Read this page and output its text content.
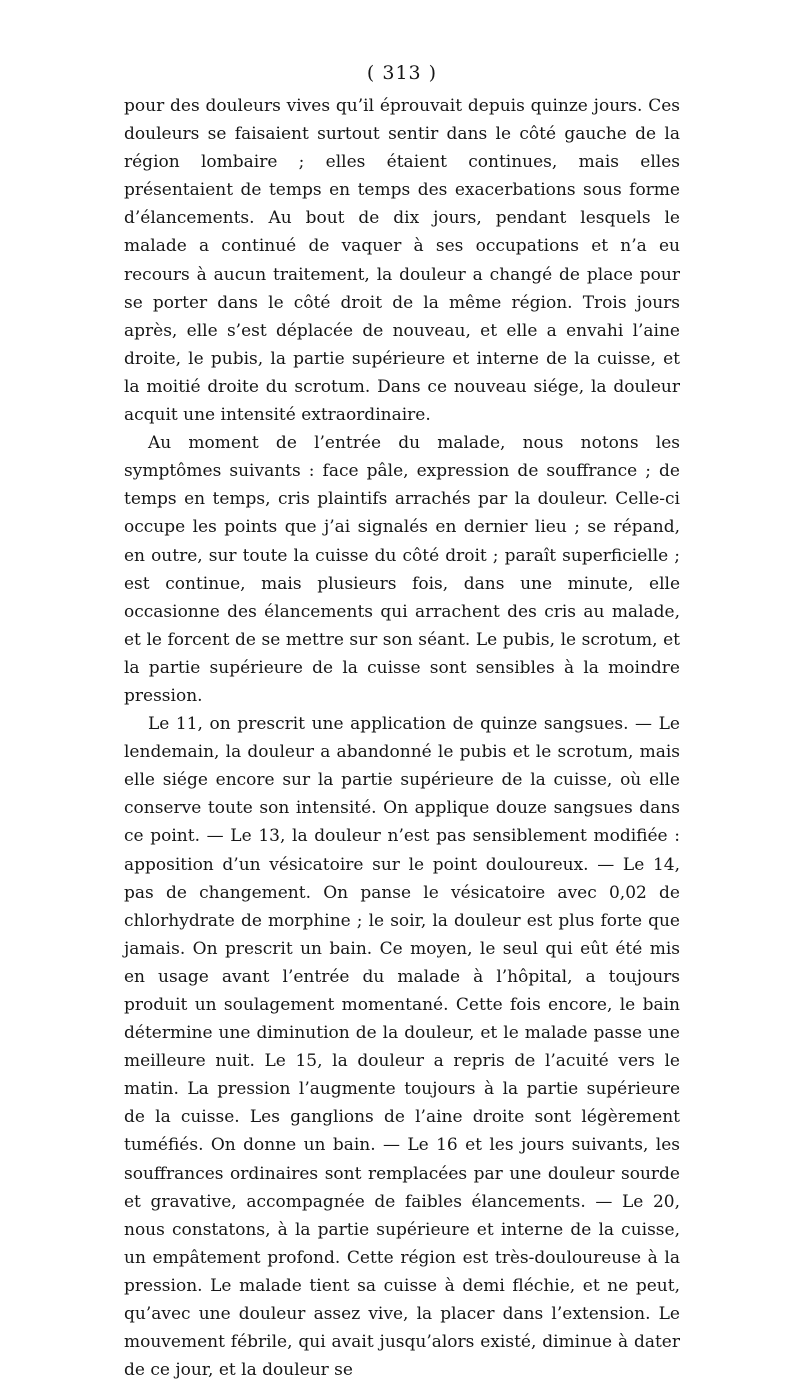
( 313 )

pour des douleurs vives qu’il éprouvait depuis quinze jours. Ces douleurs se faisaient surtout sentir dans le côté gauche de la région lombaire ; elles étaient continues, mais elles présentaient de temps en temps des exacerbations sous forme d’élancements. Au bout de dix jours, pendant lesquels le malade a continué de vaquer à ses occupations et n’a eu recours à aucun traitement, la douleur a changé de place pour se porter dans le côté droit de la même région. Trois jours après, elle s’est déplacée de nouveau, et elle a envahi l’aine droite, le pubis, la partie supérieure et interne de la cuisse, et la moitié droite du scrotum. Dans ce nouveau siége, la douleur acquit une intensité extraordinaire.

Au moment de l’entrée du malade, nous notons les symptômes suivants : face pâle, expression de souffrance ; de temps en temps, cris plaintifs arrachés par la douleur. Celle-ci occupe les points que j’ai signalés en dernier lieu ; se répand, en outre, sur toute la cuisse du côté droit ; paraît superficielle ; est continue, mais plusieurs fois, dans une minute, elle occasionne des élancements qui arrachent des cris au malade, et le forcent de se mettre sur son séant. Le pubis, le scrotum, et la partie supérieure de la cuisse sont sensibles à la moindre pression.

Le 11, on prescrit une application de quinze sangsues. — Le lendemain, la douleur a abandonné le pubis et le scrotum, mais elle siége encore sur la partie supérieure de la cuisse, où elle conserve toute son intensité. On applique douze sangsues dans ce point. — Le 13, la douleur n’est pas sensiblement modifiée : apposition d’un vésicatoire sur le point douloureux. — Le 14, pas de changement. On panse le vésicatoire avec 0,02 de chlorhydrate de morphine ; le soir, la douleur est plus forte que jamais. On prescrit un bain. Ce moyen, le seul qui eût été mis en usage avant l’entrée du malade à l’hôpital, a toujours produit un soulagement momentané. Cette fois encore, le bain détermine une diminution de la douleur, et le malade passe une meilleure nuit. Le 15, la douleur a repris de l’acuité vers le matin. La pression l’augmente toujours à la partie supérieure de la cuisse. Les ganglions de l’aine droite sont légèrement tuméfiés. On donne un bain. — Le 16 et les jours suivants, les souffrances ordinaires sont remplacées par une douleur sourde et gravative, accompagnée de faibles élancements. — Le 20, nous constatons, à la partie supérieure et interne de la cuisse, un empâtement profond. Cette région est très-douloureuse à la pression. Le malade tient sa cuisse à demi fléchie, et ne peut, qu’avec une douleur assez vive, la placer dans l’extension. Le mouvement fébrile, qui avait jusqu’alors existé, diminue à dater de ce jour, et la douleur se
